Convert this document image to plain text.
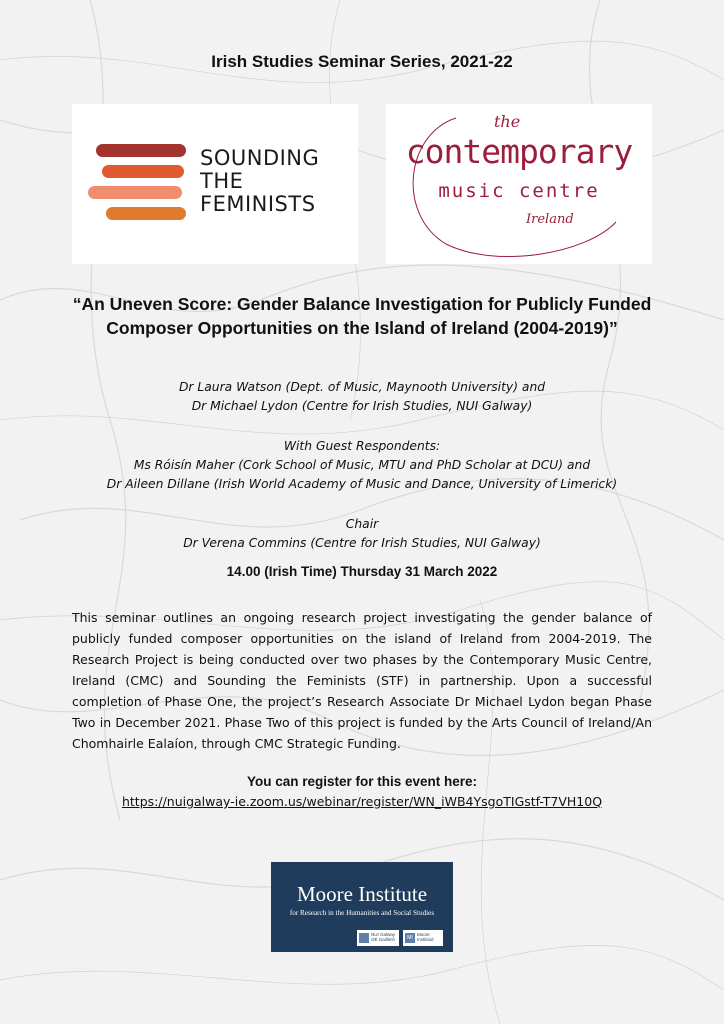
Irish Studies Seminar Series, 2021-22
SOUNDING
THE
FEMINISTS
the
contemporary
music centre
Ireland
“An Uneven Score: Gender Balance Investigation for Publicly Funded Composer Opportunities on the Island of Ireland (2004-2019)”
Dr Laura Watson (Dept. of Music, Maynooth University) and
Dr Michael Lydon (Centre for Irish Studies, NUI Galway)
With Guest Respondents:
Ms Róisín Maher (Cork School of Music, MTU and PhD Scholar at DCU) and
Dr Aileen Dillane (Irish World Academy of Music and Dance, University of Limerick)
Chair
Dr Verena Commins (Centre for Irish Studies, NUI Galway)
14.00 (Irish Time) Thursday 31 March 2022
This seminar outlines an ongoing research project investigating the gender balance of publicly funded composer opportunities on the island of Ireland from 2004-2019. The Research Project is being conducted over two phases by the Contemporary Music Centre, Ireland (CMC) and Sounding the Feminists (STF) in partnership. Upon a successful completion of Phase One, the project’s Research Associate Dr Michael Lydon began Phase Two in December 2021. Phase Two of this project is funded by the Arts Council of Ireland/An Chomhairle Ealaíon, through CMC Strategic Funding.
You can register for this event here:
https://nuigalway-ie.zoom.us/webinar/register/WN_iWB4YsgoTIGstf-T7VH10Q
Moore Institute
for Research in the Humanities and Social Studies
NUI Galway OÉ Gaillimh	MI
Moore Institiúid
